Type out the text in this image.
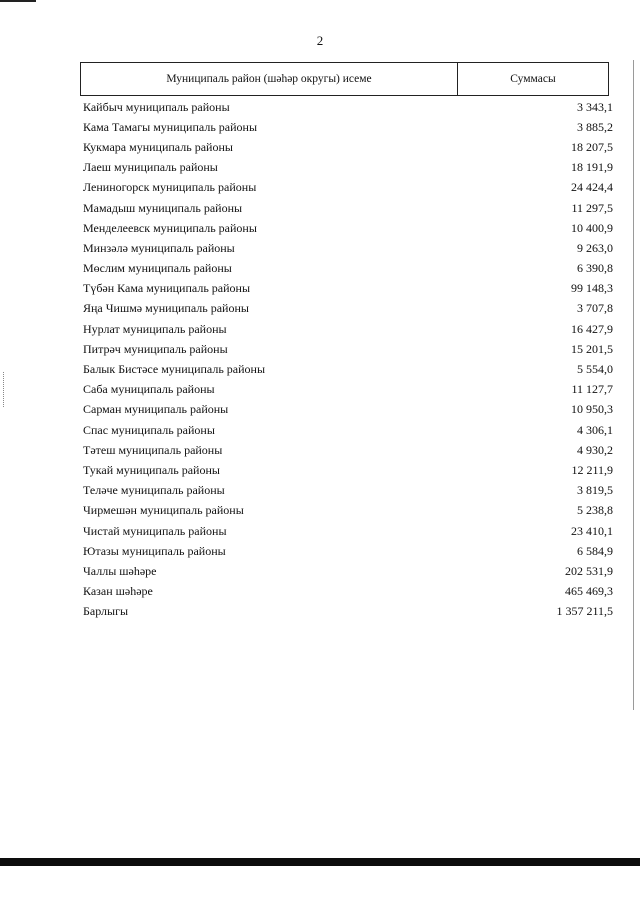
2
Муниципаль район (шәһәр округы) исеме	Суммасы
Кайбыч муниципаль районы	3 343,1
Кама Тамагы муниципаль районы	3 885,2
Кукмара муниципаль районы	18 207,5
Лаеш муниципаль районы	18 191,9
Лениногорск муниципаль районы	24 424,4
Мамадыш муниципаль районы	11 297,5
Менделеевск муниципаль районы	10 400,9
Минзәлә муниципаль районы	9 263,0
Мөслим муниципаль районы	6 390,8
Түбән Кама муниципаль районы	99 148,3
Яңа Чишмә муниципаль районы	3 707,8
Нурлат муниципаль районы	16 427,9
Питрәч муниципаль районы	15 201,5
Балык Бистәсе муниципаль районы	5 554,0
Саба муниципаль районы	11 127,7
Сарман муниципаль районы	10 950,3
Спас муниципаль районы	4 306,1
Тәтеш муниципаль районы	4 930,2
Тукай муниципаль районы	12 211,9
Теләче муниципаль районы	3 819,5
Чирмешән муниципаль районы	5 238,8
Чистай муниципаль районы	23 410,1
Ютазы муниципаль районы	6 584,9
Чаллы шәһәре	202 531,9
Казан шәһәре	465 469,3
Барлыгы	1 357 211,5
